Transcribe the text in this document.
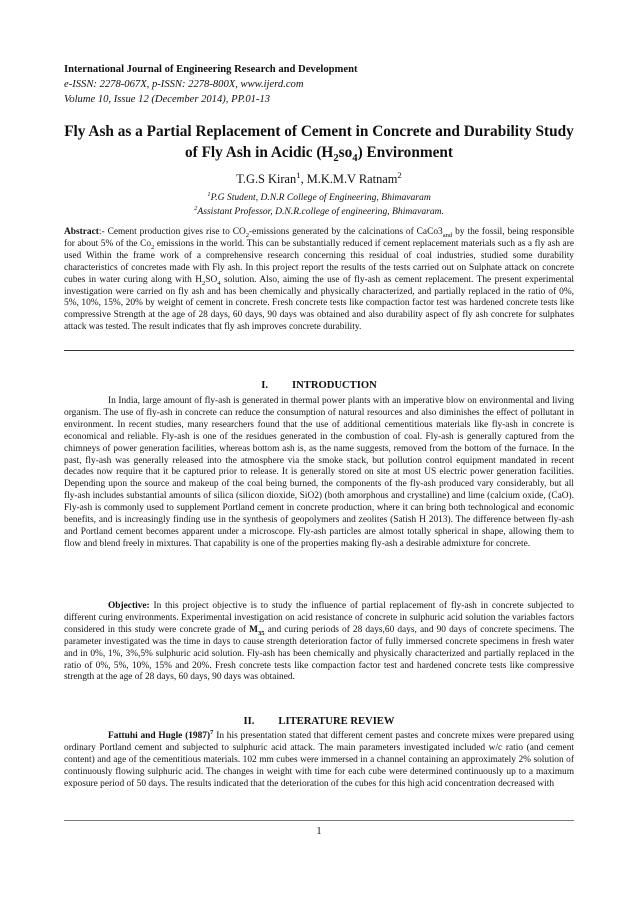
International Journal of Engineering Research and Development
e-ISSN: 2278-067X, p-ISSN: 2278-800X, www.ijerd.com
Volume 10, Issue 12 (December 2014), PP.01-13
Fly Ash as a Partial Replacement of Cement in Concrete and Durability Study of Fly Ash in Acidic $(H_2so_4)$ Environment
T.G.S Kiran$^1$, M.K.M.V Ratnam$^2$
$^1$P.G Student, D.N.R College of Engineering, Bhimavaram
$^2$Assistant Professor, D.N.R.college of engineering, Bhimavaram.
Abstract:- Cement production gives rise to $CO_2$-emissions generated by the calcinations of $CaCo3_{and}$ by the fossil, being responsible for about 5% of the $Co_2$ emissions in the world. This can be substantially reduced if cement replacement materials such as a fly ash are used Within the frame work of a comprehensive research concerning this residual of coal industries, studied some durability characteristics of concretes made with Fly ash. In this project report the results of the tests carried out on Sulphate attack on concrete cubes in water curing along with $H_2SO_4$ solution. Also, aiming the use of fly-ash as cement replacement. The present experimental investigation were carried on fly ash and has been chemically and physically characterized, and partially replaced in the ratio of 0%, 5%, 10%, 15%, 20% by weight of cement in concrete. Fresh concrete tests like compaction factor test was hardened concrete tests like compressive Strength at the age of 28 days, 60 days, 90 days was obtained and also durability aspect of fly ash concrete for sulphates attack was tested. The result indicates that fly ash improves concrete durability.
I. INTRODUCTION
In India, large amount of fly-ash is generated in thermal power plants with an imperative blow on environmental and living organism. The use of fly-ash in concrete can reduce the consumption of natural resources and also diminishes the effect of pollutant in environment. In recent studies, many researchers found that the use of additional cementitious materials like fly-ash in concrete is economical and reliable. Fly-ash is one of the residues generated in the combustion of coal. Fly-ash is generally captured from the chimneys of power generation facilities, whereas bottom ash is, as the name suggests, removed from the bottom of the furnace. In the past, fly-ash was generally released into the atmosphere via the smoke stack, but pollution control equipment mandated in recent decades now require that it be captured prior to release. It is generally stored on site at most US electric power generation facilities. Depending upon the source and makeup of the coal being burned, the components of the fly-ash produced vary considerably, but all fly-ash includes substantial amounts of silica (silicon dioxide, SiO2) (both amorphous and crystalline) and lime (calcium oxide, (CaO). Fly-ash is commonly used to supplement Portland cement in concrete production, where it can bring both technological and economic benefits, and is increasingly finding use in the synthesis of geopolymers and zeolites (Satish H 2013). The difference between fly-ash and Portland cement becomes apparent under a microscope. Fly-ash particles are almost totally spherical in shape, allowing them to flow and blend freely in mixtures. That capability is one of the properties making fly-ash a desirable admixture for concrete.
Objective: In this project objective is to study the influence of partial replacement of fly-ash in concrete subjected to different curing environments. Experimental investigation on acid resistance of concrete in sulphuric acid solution the variables factors considered in this study were concrete grade of $M_{35}$ and curing periods of 28 days,60 days, and 90 days of concrete specimens. The parameter investigated was the time in days to cause strength deterioration factor of fully immersed concrete specimens in fresh water and in 0%, 1%, 3%,5% sulphuric acid solution. Fly-ash has been chemically and physically characterized and partially replaced in the ratio of 0%, 5%, 10%, 15% and 20%. Fresh concrete tests like compaction factor test and hardened concrete tests like compressive strength at the age of 28 days, 60 days, 90 days was obtained.
II. LITERATURE REVIEW
Fattuhi and Hugle $(1987)^7$ In his presentation stated that different cement pastes and concrete mixes were prepared using ordinary Portland cement and subjected to sulphuric acid attack. The main parameters investigated included w/c ratio (and cement content) and age of the cementitious materials. 102 mm cubes were immersed in a channel containing an approximately 2% solution of continuously flowing sulphuric acid. The changes in weight with time for each cube were determined continuously up to a maximum exposure period of 50 days. The results indicated that the deterioration of the cubes for this high acid concentration decreased with
1
